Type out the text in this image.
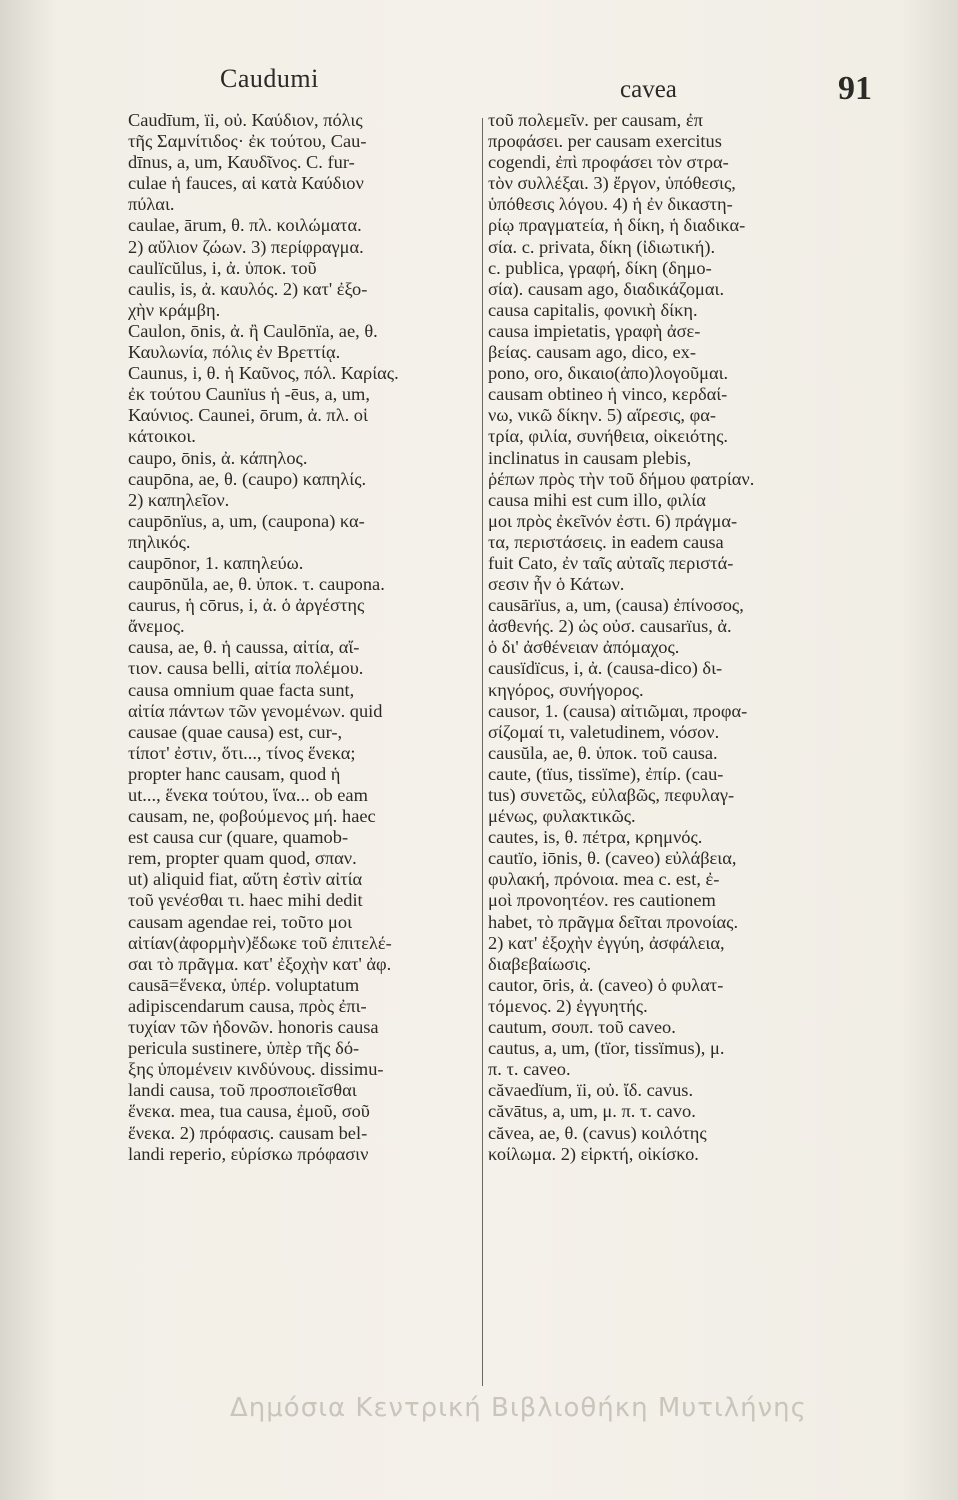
Caudumi	cavea	91
Caudīum, ïi, οὐ. Καύδιον, πόλις
τῆς Σαμνίτιδος· ἐκ τούτου, Cau-
dīnus, a, um, Καυδῖνος. C. fur-
culae ἡ fauces, αἱ κατὰ Καύδιον
πύλαι.
caulae, ārum, θ. πλ. κοιλώματα.
2) αὔλιον ζώων. 3) περίφραγμα.
caulïcŭlus, i, ἀ. ὑποκ. τοῦ
caulis, is, ἀ. καυλός. 2) κατ' ἐξο-
χὴν κράμβη.
Caulon, ōnis, ἀ. ἢ Caulōnïa, ae, θ.
Καυλωνία, πόλις ἐν Βρεττίᾳ.
Caunus, i, θ. ἡ Καῦνος, πόλ. Καρίας.
ἐκ τούτου Caunïus ἡ -ēus, a, um,
Καύνιος. Caunei, ōrum, ἀ. πλ. οἱ
κάτοικοι.
caupo, ōnis, ἀ. κάπηλος.
caupōna, ae, θ. (caupo) καπηλίς.
2) καπηλεῖον.
caupōnïus, a, um, (caupona) κα-
πηλικός.
caupōnor, 1. καπηλεύω.
caupōnŭla, ae, θ. ὑποκ. τ. caupona.
caurus, ἡ cōrus, i, ἀ. ὁ ἀργέστης
ἄνεμος.
causa, ae, θ. ἡ caussa, αἰτία, αἴ-
τιον. causa belli, αἰτία πολέμου.
causa omnium quae facta sunt,
αἰτία πάντων τῶν γενομένων. quid
causae (quae causa) est, cur-,
τίποτ' ἐστιν, ὅτι..., τίνος ἕνεκα;
propter hanc causam, quod ἡ
ut..., ἕνεκα τούτου, ἵνα... ob eam
causam, ne, φοβούμενος μή. haec
est causa cur (quare, quamob-
rem, propter quam quod, σπαν.
ut) aliquid fiat, αὕτη ἐστὶν αἰτία
τοῦ γενέσθαι τι. haec mihi dedit
causam agendae rei, τοῦτο μοι
αἰτίαν(ἀφορμὴν)ἔδωκε τοῦ ἐπιτελέ-
σαι τὸ πρᾶγμα. κατ' ἐξοχὴν κατ' ἀφ.
causā=ἕνεκα, ὑπέρ. voluptatum
adipiscendarum causa, πρὸς ἐπι-
τυχίαν τῶν ἡδονῶν. honoris causa
pericula sustinere, ὑπὲρ τῆς δό-
ξης ὑπομένειν κινδύνους. dissimu-
landi causa, τοῦ προσποιεῖσθαι
ἕνεκα. mea, tua causa, ἐμοῦ, σοῦ
ἕνεκα. 2) πρόφασις. causam bel-
landi reperio, εὑρίσκω πρόφασιν
τοῦ πολεμεῖν. per causam, ἐπ
προφάσει. per causam exercitus
cogendi, ἐπὶ προφάσει τὸν στρα-
τὸν συλλέξαι. 3) ἔργον, ὑπόθεσις,
ὑπόθεσις λόγου. 4) ἡ ἐν δικαστη-
ρίῳ πραγματεία, ἡ δίκη, ἡ διαδικα-
σία. c. privata, δίκη (ἰδιωτική).
c. publica, γραφή, δίκη (δημο-
σία). causam ago, διαδικάζομαι.
causa capitalis, φονικὴ δίκη.
causa impietatis, γραφὴ ἀσε-
βείας. causam ago, dico, ex-
pono, oro, δικαιο(ἀπο)λογοῦμαι.
causam obtineo ἡ vinco, κερδαί-
νω, νικῶ δίκην. 5) αἵρεσις, φα-
τρία, φιλία, συνήθεια, οἰκειότης.
inclinatus in causam plebis,
ῥέπων πρὸς τὴν τοῦ δήμου φατρίαν.
causa mihi est cum illo, φιλία
μοι πρὸς ἐκεῖνόν ἐστι. 6) πράγμα-
τα, περιστάσεις. in eadem causa
fuit Cato, ἐν ταῖς αὐταῖς περιστά-
σεσιν ἦν ὁ Κάτων.
causārïus, a, um, (causa) ἐπίνοσος,
ἀσθενής. 2) ὡς οὐσ. causarïus, ἀ.
ὁ δι' ἀσθένειαν ἀπόμαχος.
causïdïcus, i, ἀ. (causa-dico) δι-
κηγόρος, συνήγορος.
causor, 1. (causa) αἰτιῶμαι, προφα-
σίζομαί τι, valetudinem, νόσον.
causŭla, ae, θ. ὑποκ. τοῦ causa.
caute, (tïus, tissïme), ἐπίρ. (cau-
tus) συνετῶς, εὐλαβῶς, πεφυλαγ-
μένως, φυλακτικῶς.
cautes, is, θ. πέτρα, κρημνός.
cautïo, iōnis, θ. (caveo) εὐλάβεια,
φυλακή, πρόνοια. mea c. est, ἐ-
μοὶ προνοητέον. res cautionem
habet, τὸ πρᾶγμα δεῖται προνοίας.
2) κατ' ἐξοχὴν ἐγγύη, ἀσφάλεια,
διαβεβαίωσις.
cautor, ōris, ἀ. (caveo) ὁ φυλατ-
τόμενος. 2) ἐγγυητής.
cautum, σουπ. τοῦ caveo.
cautus, a, um, (tïor, tissïmus), μ.
π. τ. caveo.
căvaedïum, ïi, οὐ. ἴδ. cavus.
căvātus, a, um, μ. π. τ. cavo.
căvea, ae, θ. (cavus) κοιλότης
κοίλωμα. 2) εἱρκτή, οἰκίσκο.
Δημόσια Κεντρική Βιβλιοθήκη Μυτιλήνης
